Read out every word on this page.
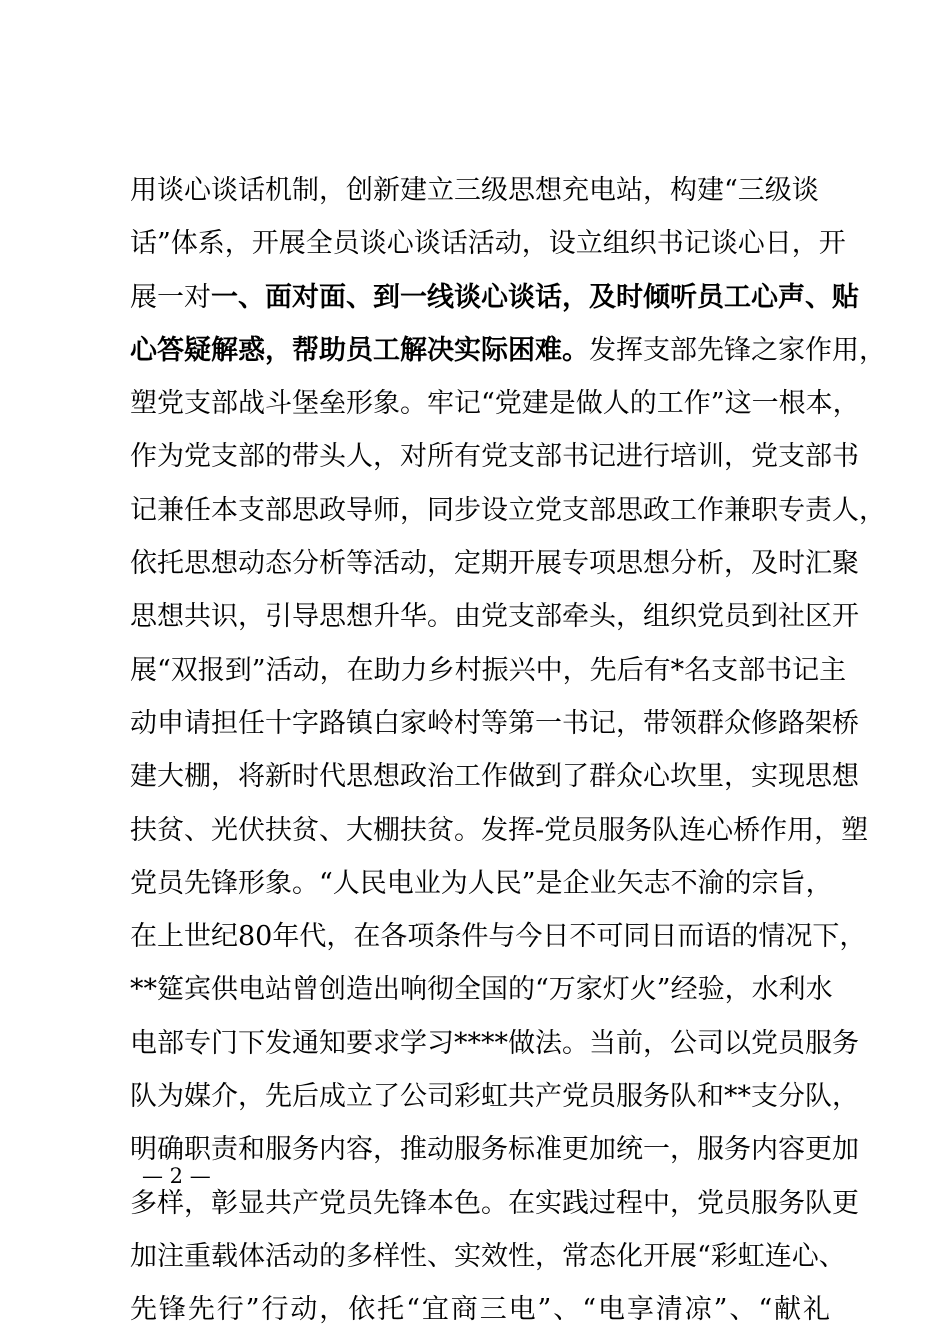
用谈心谈话机制，创新建立三级思想充电站，构建“三级谈
话”体系，开展全员谈心谈话活动，设立组织书记谈心日，开
展一对一、面对面、到一线谈心谈话，及时倾听员工心声、贴
心答疑解惑，帮助员工解决实际困难。发挥支部先锋之家作用，
塑党支部战斗堡垒形象。牢记“党建是做人的工作”这一根本，
作为党支部的带头人，对所有党支部书记进行培训，党支部书
记兼任本支部思政导师，同步设立党支部思政工作兼职专责人，
依托思想动态分析等活动，定期开展专项思想分析，及时汇聚
思想共识，引导思想升华。由党支部牵头，组织党员到社区开
展“双报到”活动，在助力乡村振兴中，先后有*名支部书记主
动申请担任十字路镇白家岭村等第一书记，带领群众修路架桥
建大棚，将新时代思想政治工作做到了群众心坎里，实现思想
扶贫、光伏扶贫、大棚扶贫。发挥-党员服务队连心桥作用，塑
党员先锋形象。“人民电业为人民”是企业矢志不渝的宗旨，
在上世纪80年代，在各项条件与今日不可同日而语的情况下，
**筵宾供电站曾创造出响彻全国的“万家灯火”经验，水利水
电部专门下发通知要求学习****做法。当前，公司以党员服务
队为媒介，先后成立了公司彩虹共产党员服务队和**支分队，
明确职责和服务内容，推动服务标准更加统一，服务内容更加
多样，彰显共产党员先锋本色。在实践过程中，党员服务队更
加注重载体活动的多样性、实效性，常态化开展“彩虹连心、
先锋先行”行动，依托“宜商三电”、“电享清凉”、“献礼
— 2 —
